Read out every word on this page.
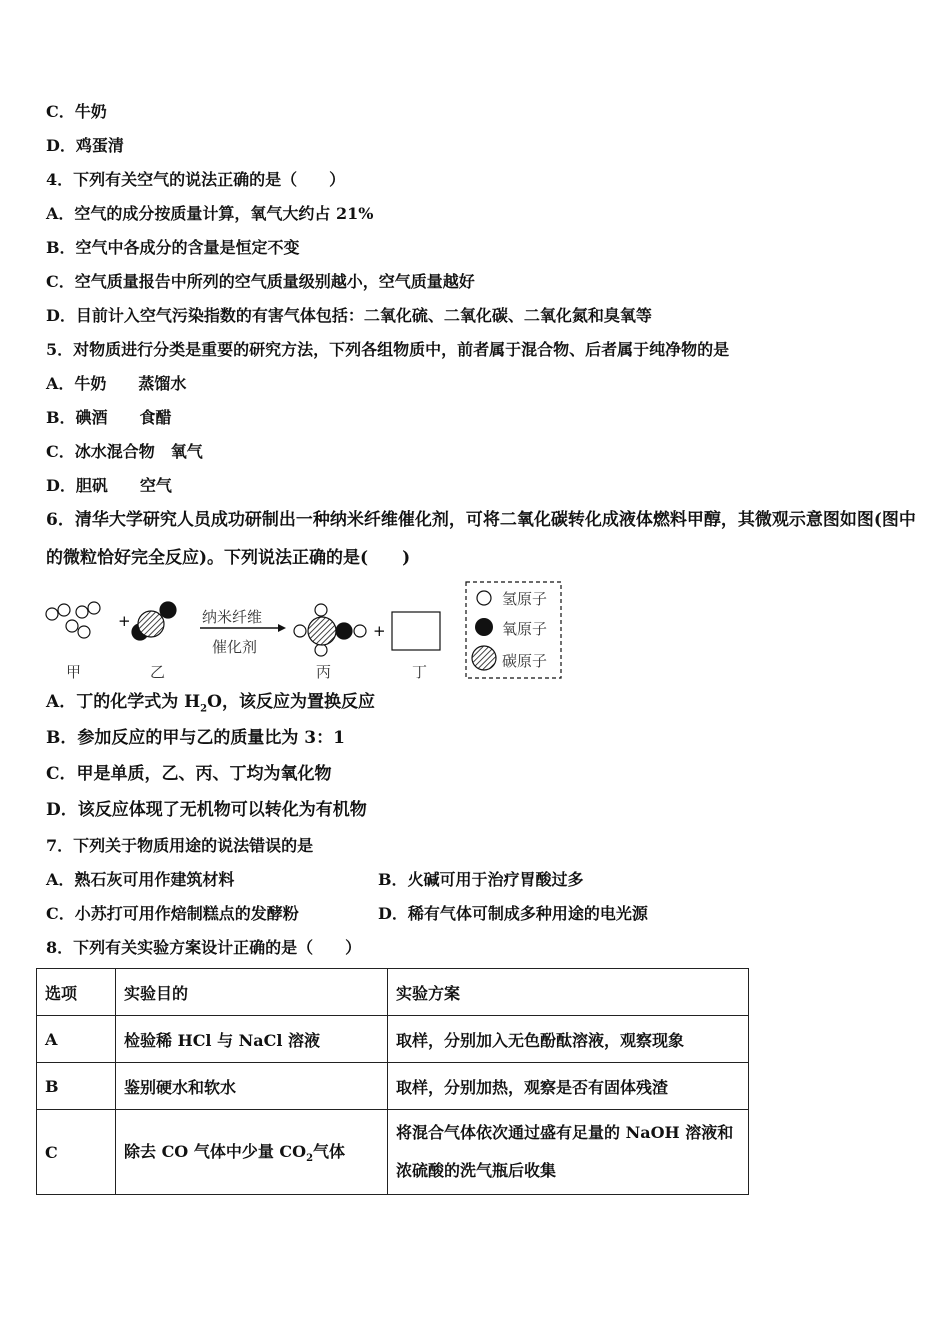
C．牛奶
D．鸡蛋清
4．下列有关空气的说法正确的是（　　）
A．空气的成分按质量计算，氧气大约占 21%
B．空气中各成分的含量是恒定不变
C．空气质量报告中所列的空气质量级别越小，空气质量越好
D．目前计入空气污染指数的有害气体包括：二氧化硫、二氧化碳、二氧化氮和臭氧等
5．对物质进行分类是重要的研究方法，下列各组物质中，前者属于混合物、后者属于纯净物的是
A．牛奶　　蒸馏水
B．碘酒　　食醋
C．冰水混合物　氧气
D．胆矾　　空气
6．清华大学研究人员成功研制出一种纳米纤维催化剂，可将二氧化碳转化成液体燃料甲醇，其微观示意图如图(图中
的微粒恰好完全反应)。下列说法正确的是(　　)
+	纳米纤维
催化剂
+
甲	乙	丙	丁
氢原子
氧原子
碳原子
A．丁的化学式为 $H_2O$，该反应为置换反应
B．参加反应的甲与乙的质量比为 3：1
C．甲是单质，乙、丙、丁均为氧化物
D．该反应体现了无机物可以转化为有机物
7．下列关于物质用途的说法错误的是
A．熟石灰可用作建筑材料	B．火碱可用于治疗胃酸过多
C．小苏打可用作焙制糕点的发酵粉	D．稀有气体可制成多种用途的电光源
8．下列有关实验方案设计正确的是（　　）
选项	实验目的	实验方案
A	检验稀 HCl 与 NaCl 溶液	取样，分别加入无色酚酞溶液，观察现象
B	鉴别硬水和软水	取样，分别加热，观察是否有固体残渣
C	除去 CO 气体中少量 $CO_2$气体	将混合气体依次通过盛有足量的 NaOH 溶液和
浓硫酸的洗气瓶后收集
